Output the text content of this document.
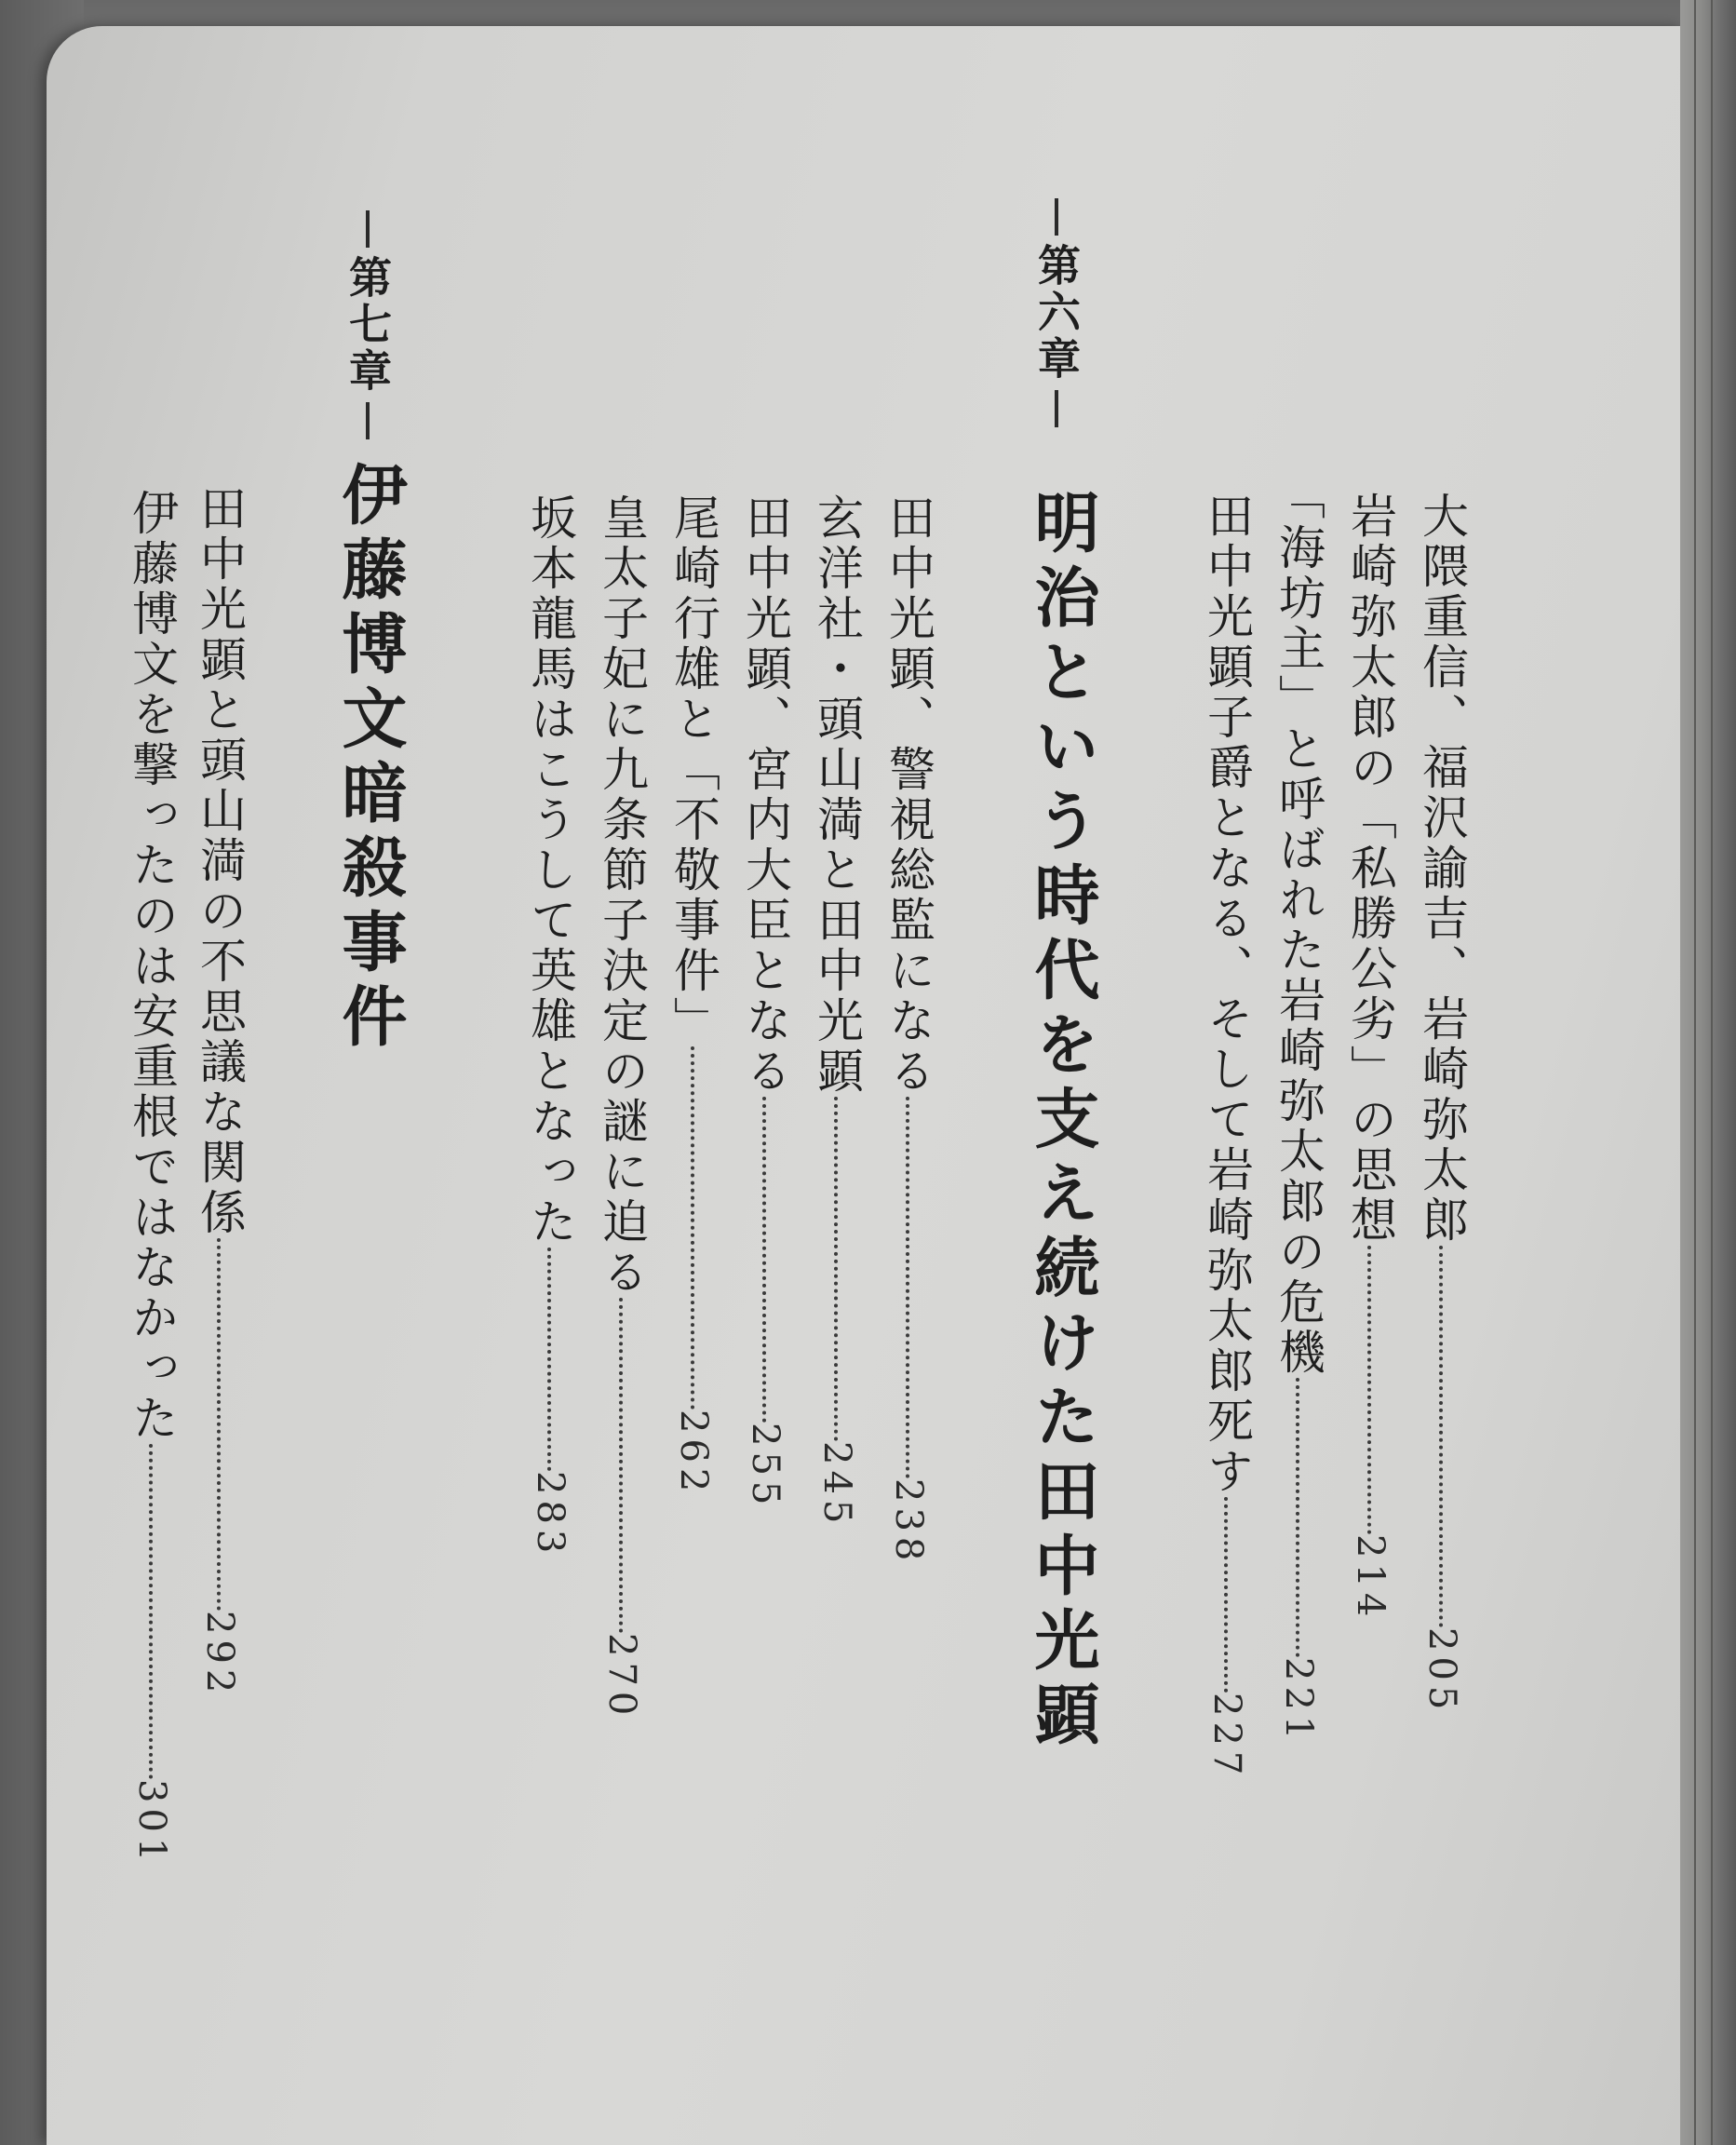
大隈重信、福沢諭吉、岩崎弥太郎205
岩崎弥太郎の「私勝公劣」の思想214
「海坊主」と呼ばれた岩崎弥太郎の危機221
田中光顕子爵となる、そして岩崎弥太郎死す227
第六章
明治という時代を支え続けた田中光顕
田中光顕、警視総監になる238
玄洋社・頭山満と田中光顕245
田中光顕、宮内大臣となる255
尾崎行雄と「不敬事件」262
皇太子妃に九条節子決定の謎に迫る270
坂本龍馬はこうして英雄となった283
第七章
伊藤博文暗殺事件
田中光顕と頭山満の不思議な関係292
伊藤博文を撃ったのは安重根ではなかった301
